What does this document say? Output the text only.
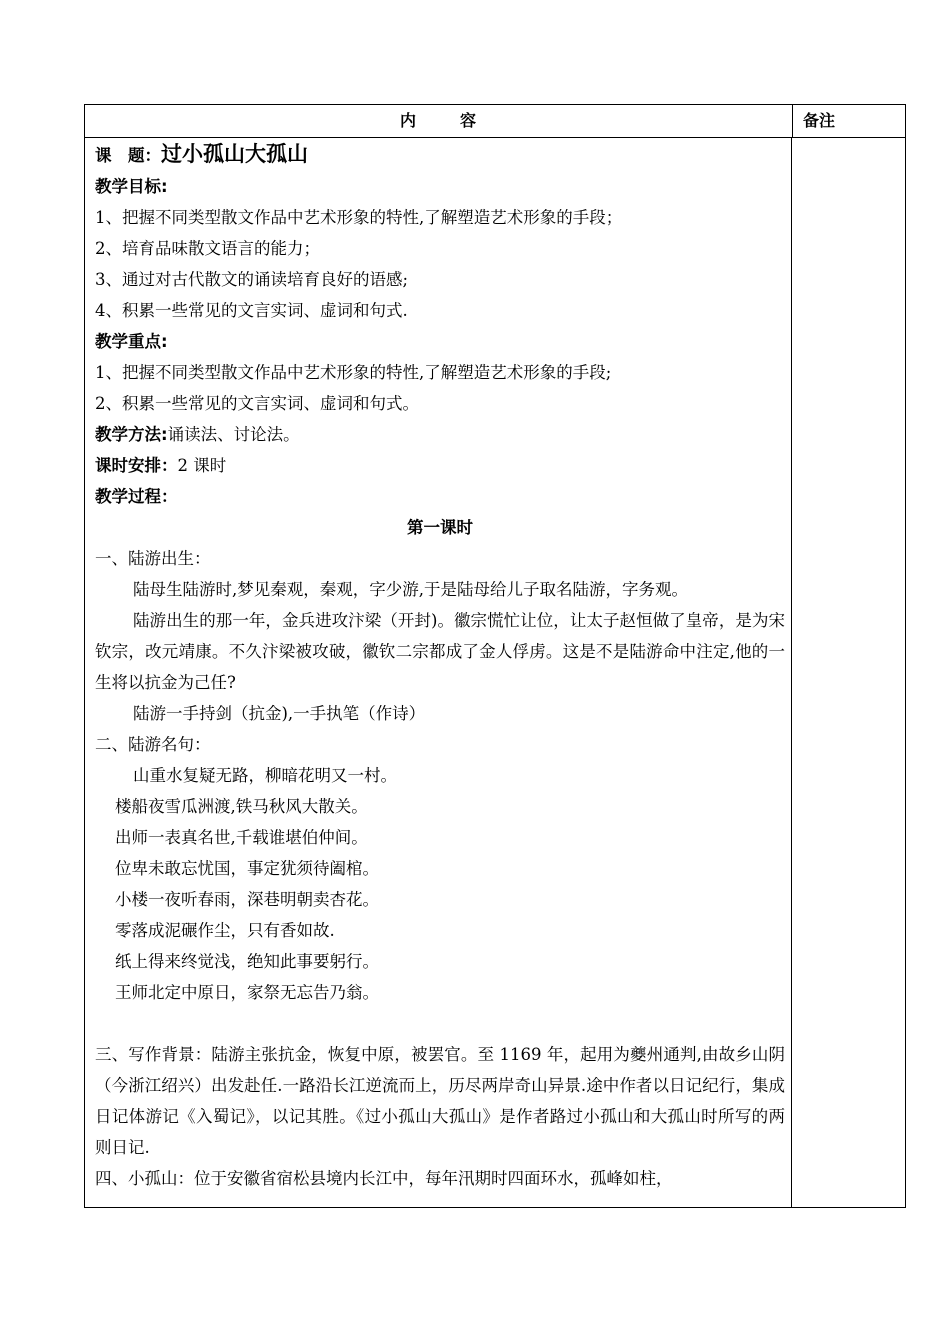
内容	备注

课　题：过小孤山大孤山

教学目标:

1、把握不同类型散文作品中艺术形象的特性,了解塑造艺术形象的手段；

2、培育品味散文语言的能力；

3、通过对古代散文的诵读培育良好的语感;

4、积累一些常见的文言实词、虚词和句式.

教学重点:

1、把握不同类型散文作品中艺术形象的特性,了解塑造艺术形象的手段;

2、积累一些常见的文言实词、虚词和句式。

教学方法:诵读法、讨论法。

课时安排：2 课时

教学过程：

第一课时

一、陆游出生：

陆母生陆游时,梦见秦观，秦观，字少游,于是陆母给儿子取名陆游，字务观。

陆游出生的那一年，金兵进攻汴梁（开封)。徽宗慌忙让位，让太子赵恒做了皇帝，是为宋钦宗，改元靖康。不久汴梁被攻破，徽钦二宗都成了金人俘虏。这是不是陆游命中注定,他的一生将以抗金为己任?

陆游一手持剑（抗金),一手执笔（作诗）

二、陆游名句：

山重水复疑无路，柳暗花明又一村。

楼船夜雪瓜洲渡,铁马秋风大散关。

出师一表真名世,千载谁堪伯仲间。

位卑未敢忘忧国，事定犹须待阖棺。

小楼一夜听春雨，深巷明朝卖杏花。

零落成泥碾作尘，只有香如故.

纸上得来终觉浅，绝知此事要躬行。

王师北定中原日，家祭无忘告乃翁。

三、写作背景：陆游主张抗金，恢复中原，被罢官。至 1169 年，起用为夔州通判,由故乡山阴（今浙江绍兴）出发赴任.一路沿长江逆流而上，历尽两岸奇山异景.途中作者以日记纪行，集成日记体游记《入蜀记》，以记其胜。《过小孤山大孤山》是作者路过小孤山和大孤山时所写的两则日记.

四、小孤山：位于安徽省宿松县境内长江中，每年汛期时四面环水，孤峰如柱，
